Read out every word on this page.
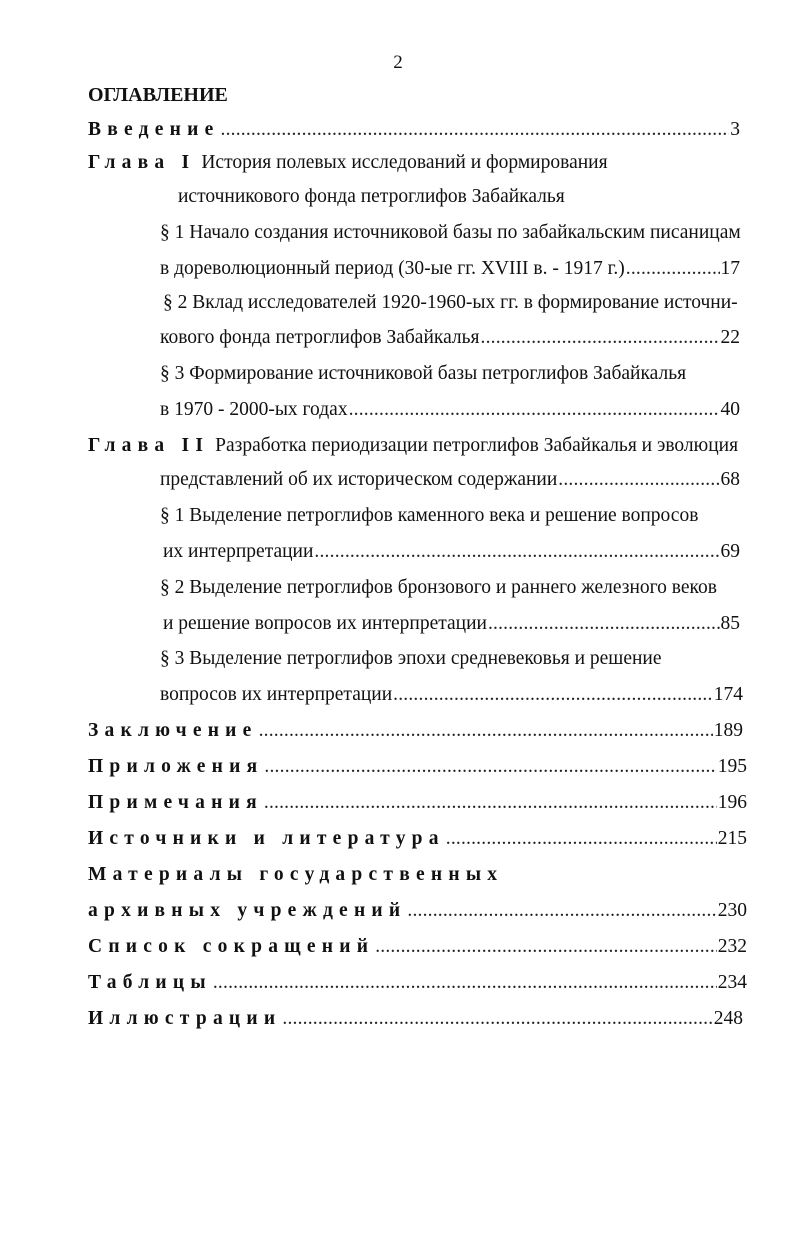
2
ОГЛАВЛЕНИЕ
Введение . . .	3
Глава I История полевых исследований и формирования
источникового фонда петроглифов Забайкалья
§ 1 Начало создания источниковой базы по забайкальским писаницам
в дореволюционный период (30-ые гг. XVIII в. - 1917 г.) . . .	17
§ 2 Вклад исследователей 1920-1960-ых гг. в формирование источни-
кового фонда петроглифов Забайкалья . . .	22
§ 3 Формирование источниковой базы петроглифов Забайкалья
в 1970 - 2000-ых годах . . .	40
Глава II Разработка периодизации петроглифов Забайкалья и эволюция
представлений об их историческом содержании . . .	68
§ 1 Выделение петроглифов каменного века и решение вопросов
их интерпретации . . .	69
§ 2 Выделение петроглифов бронзового и раннего железного веков
и решение вопросов их интерпретации . . .	85
§ 3 Выделение петроглифов эпохи средневековья и решение
вопросов их интерпретации . . .	174
Заключение . . .	189
Приложения . . .	195
Примечания . . .	196
Источники и литература . . .	215
Материалы государственных
архивных учреждений . . .	230
Список сокращений . . .	232
Таблицы . . .	234
Иллюстрации . . .	248
